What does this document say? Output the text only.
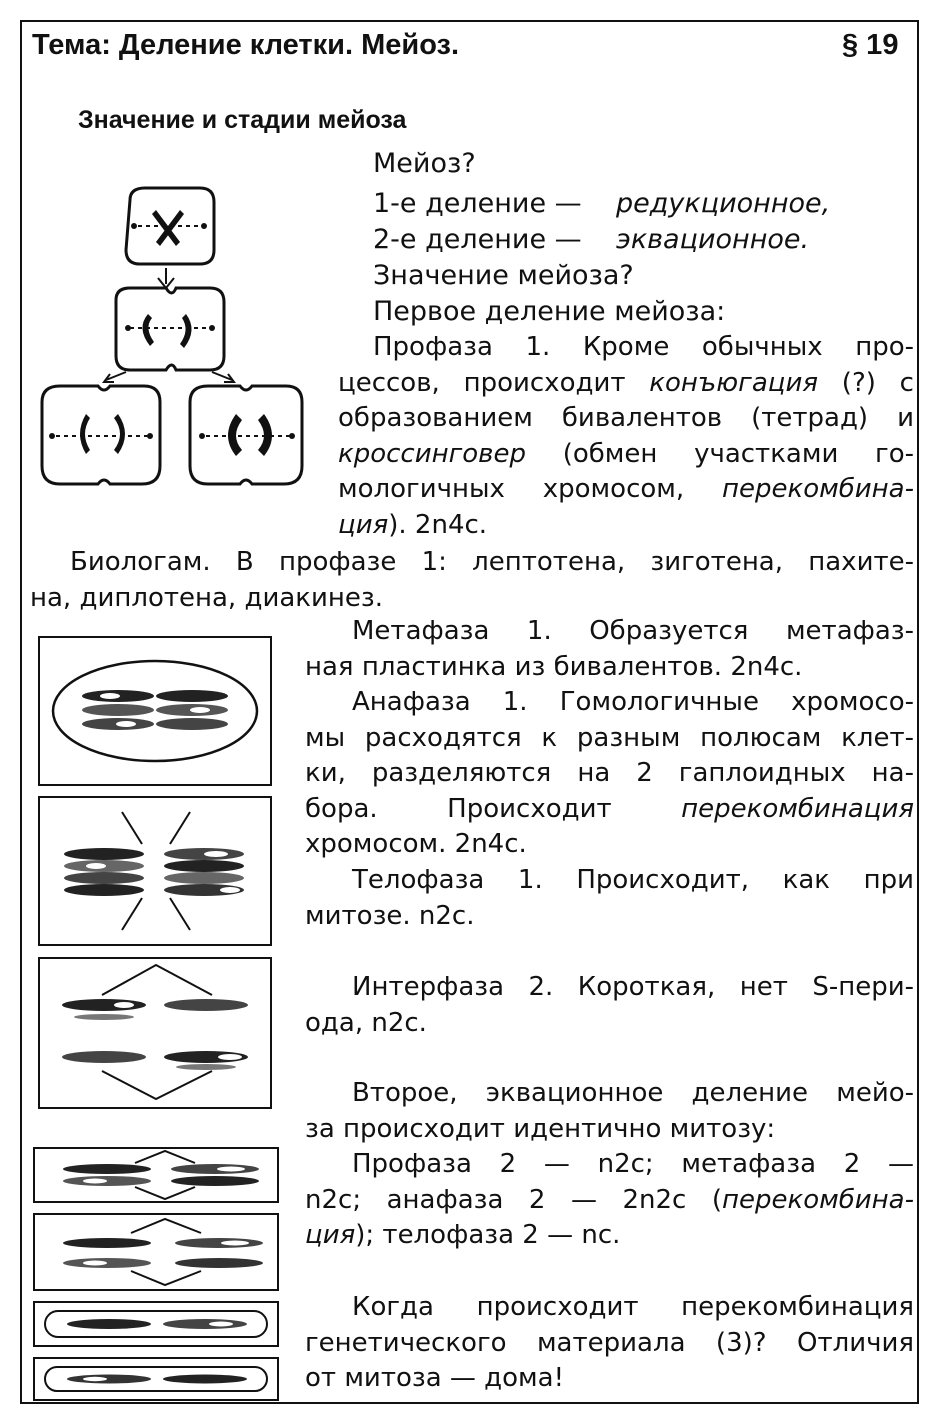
Тема: Деление клетки. Мейоз.	§ 19
Значение и стадии мейоза
Мейоз?
1-е деление — редукционное,
2-е деление — эквационное.
Значение мейоза?
Первое деление мейоза:
Профаза 1. Кроме обычных про-
цессов, происходит конъюгация (?) с
образованием бивалентов (тетрад) и
кроссинговер (обмен участками го-
мологичных хромосом, перекомбина-
ция). 2n4c.
Биологам. В профазе 1: лептотена, зиготена, пахите-
на, диплотена, диакинез.
Метафаза 1. Образуется метафаз-
ная пластинка из бивалентов. 2n4c.
Анафаза 1. Гомологичные хромосо-
мы расходятся к разным полюсам клет-
ки, разделяются на 2 гаплоидных на-
бора. Происходит	перекомбинация
хромосом. 2n4c.
Телофаза 1. Происходит, как при
митозе. n2c.
Интерфаза 2. Короткая, нет S-пери-
ода, n2c.
Второе, эквационное деление мейо-
за происходит идентично митозу:
Профаза 2 — n2c; метафаза 2 —
n2c; анафаза 2 — 2n2c (перекомбина-
ция); телофаза 2 — nc.
Когда происходит перекомбинация
генетического материала (3)? Отличия
от митоза — дома!
